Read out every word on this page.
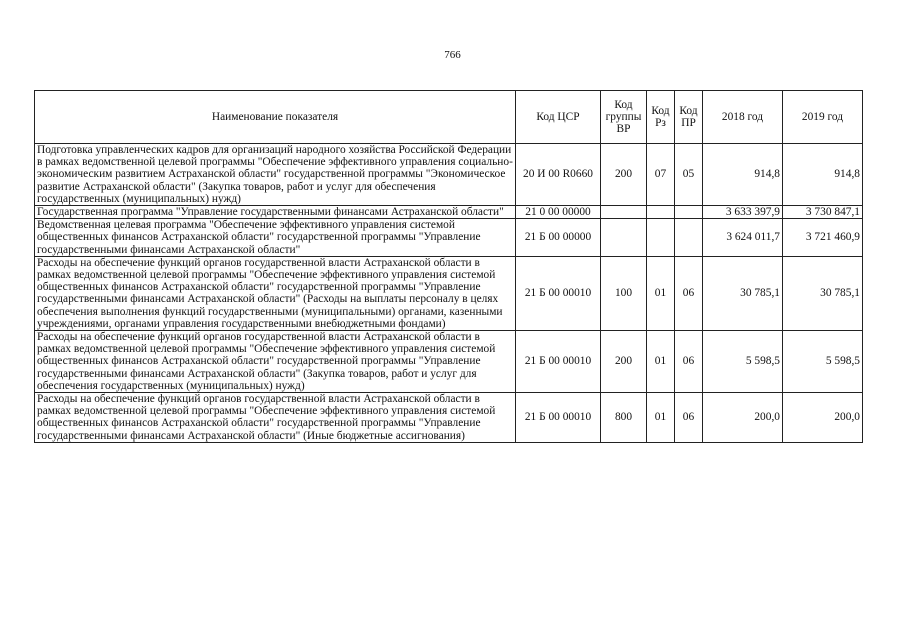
766
Наименование показателя	Код ЦСР	Код группы ВР	Код Рз	Код ПР	2018 год	2019 год
Подготовка управленческих кадров для организаций народного хозяйства Российской Федерации в рамках ведомственной целевой программы "Обеспечение эффективного управления социально-экономическим развитием Астраханской области" государственной программы "Экономическое развитие Астраханской области" (Закупка товаров, работ и услуг для обеспечения государственных (муниципальных) нужд)	20 И 00 R0660	200	07	05	914,8	914,8
Государственная программа "Управление государственными финансами Астраханской области"	21 0 00 00000				3 633 397,9	3 730 847,1
Ведомственная целевая программа "Обеспечение эффективного управления системой общественных финансов Астраханской области" государственной программы "Управление государственными финансами Астраханской области"	21 Б 00 00000				3 624 011,7	3 721 460,9
Расходы на обеспечение функций органов государственной власти Астраханской области в рамках ведомственной целевой программы "Обеспечение эффективного управления системой общественных финансов Астраханской области" государственной программы "Управление государственными финансами Астраханской области" (Расходы на выплаты персоналу в целях обеспечения выполнения функций государственными (муниципальными) органами, казенными учреждениями, органами управления государственными внебюджетными фондами)	21 Б 00 00010	100	01	06	30 785,1	30 785,1
Расходы на обеспечение функций органов государственной власти Астраханской области в рамках ведомственной целевой программы "Обеспечение эффективного управления системой общественных финансов Астраханской области" государственной программы "Управление государственными финансами Астраханской области" (Закупка товаров, работ и услуг для обеспечения государственных (муниципальных) нужд)	21 Б 00 00010	200	01	06	5 598,5	5 598,5
Расходы на обеспечение функций органов государственной власти Астраханской области в рамках ведомственной целевой программы "Обеспечение эффективного управления системой общественных финансов Астраханской области" государственной программы "Управление государственными финансами Астраханской области" (Иные бюджетные ассигнования)	21 Б 00 00010	800	01	06	200,0	200,0
